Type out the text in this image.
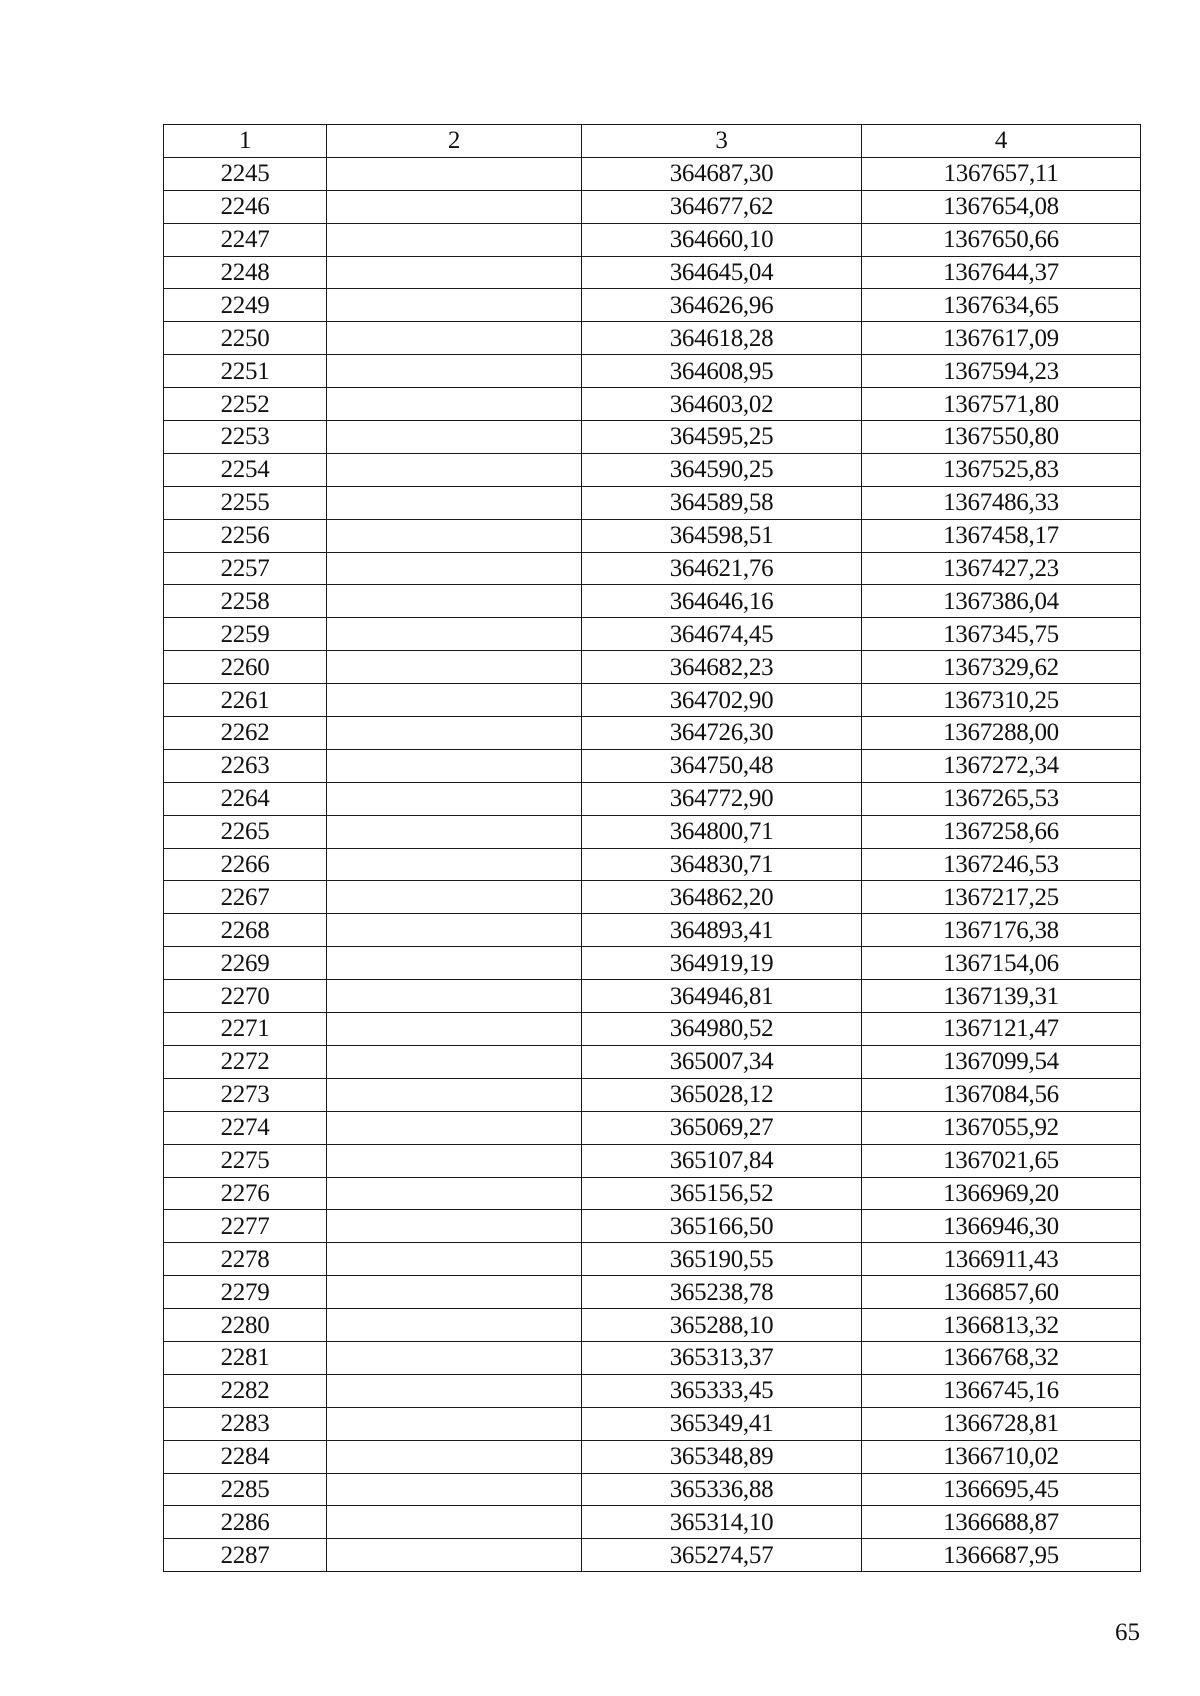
1	2	3	4
2245		364687,30	1367657,11
2246		364677,62	1367654,08
2247		364660,10	1367650,66
2248		364645,04	1367644,37
2249		364626,96	1367634,65
2250		364618,28	1367617,09
2251		364608,95	1367594,23
2252		364603,02	1367571,80
2253		364595,25	1367550,80
2254		364590,25	1367525,83
2255		364589,58	1367486,33
2256		364598,51	1367458,17
2257		364621,76	1367427,23
2258		364646,16	1367386,04
2259		364674,45	1367345,75
2260		364682,23	1367329,62
2261		364702,90	1367310,25
2262		364726,30	1367288,00
2263		364750,48	1367272,34
2264		364772,90	1367265,53
2265		364800,71	1367258,66
2266		364830,71	1367246,53
2267		364862,20	1367217,25
2268		364893,41	1367176,38
2269		364919,19	1367154,06
2270		364946,81	1367139,31
2271		364980,52	1367121,47
2272		365007,34	1367099,54
2273		365028,12	1367084,56
2274		365069,27	1367055,92
2275		365107,84	1367021,65
2276		365156,52	1366969,20
2277		365166,50	1366946,30
2278		365190,55	1366911,43
2279		365238,78	1366857,60
2280		365288,10	1366813,32
2281		365313,37	1366768,32
2282		365333,45	1366745,16
2283		365349,41	1366728,81
2284		365348,89	1366710,02
2285		365336,88	1366695,45
2286		365314,10	1366688,87
2287		365274,57	1366687,95
65
